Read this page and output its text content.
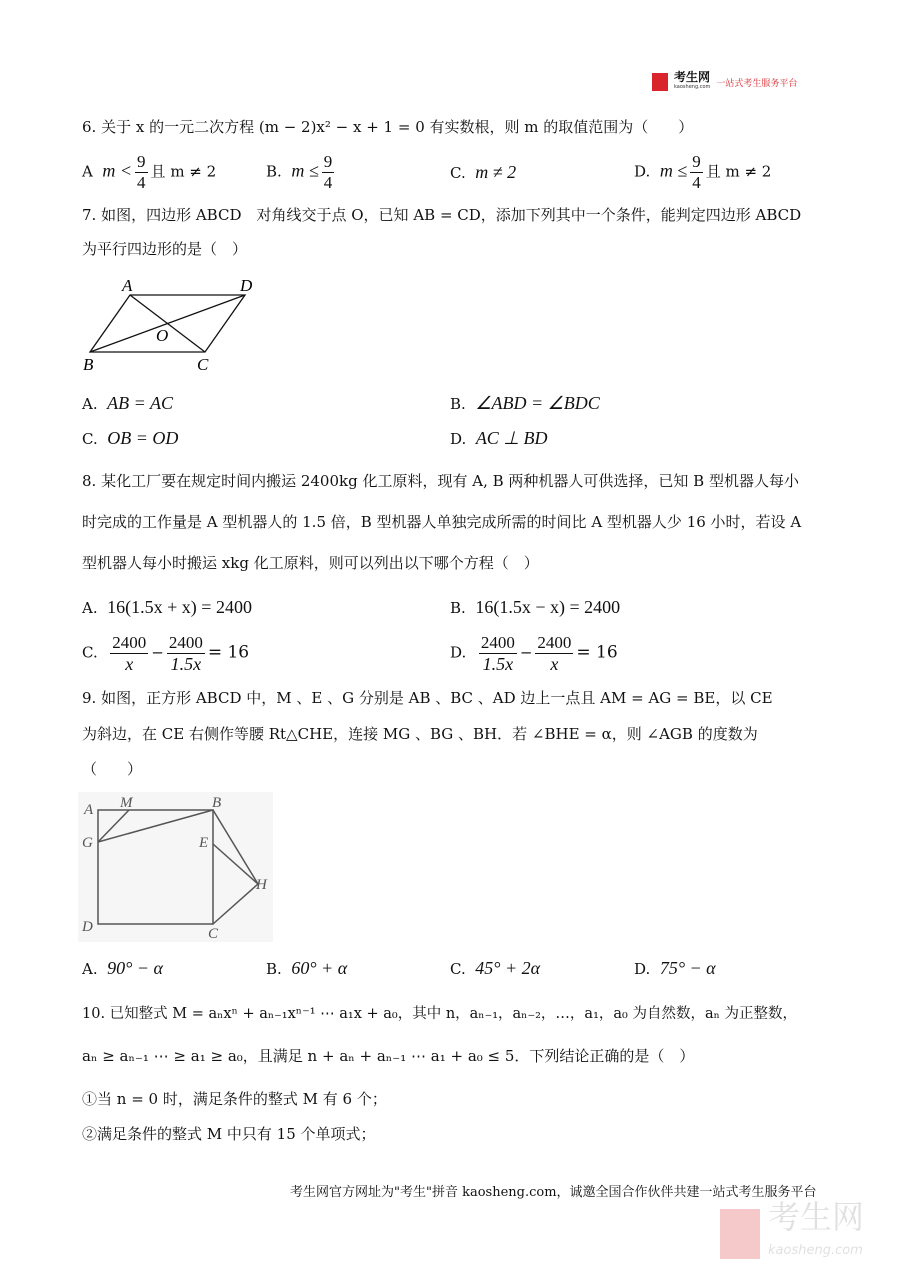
考生网
kaosheng.com 一站式考生服务平台
6. 关于 x 的一元二次方程 (m − 2)x² − x + 1 = 0 有实数根，则 m 的取值范围为（　　）
A $m < \frac{9}{4}$ 且 m ≠ 2	B. $m \le \frac{9}{4}$	C. m ≠ 2	D. $m \le \frac{9}{4}$ 且 m ≠ 2
7. 如图，四边形 ABCD　对角线交于点 O，已知 AB = CD，添加下列其中一个条件，能判定四边形 ABCD
为平行四边形的是（　）
A	D
B	C
O
A. AB = AC	B. ∠ABD = ∠BDC
C. OB = OD	D. AC ⊥ BD
8. 某化工厂要在规定时间内搬运 2400kg 化工原料，现有 A, B 两种机器人可供选择，已知 B 型机器人每小
时完成的工作量是 A 型机器人的 1.5 倍，B 型机器人单独完成所需的时间比 A 型机器人少 16 小时，若设 A
型机器人每小时搬运 xkg 化工原料，则可以列出以下哪个方程（　）
A. 16(1.5x + x) = 2400	B. 16(1.5x − x) = 2400
C. $\frac{2400}{x} - \frac{2400}{1.5x} = 16$	D. $\frac{2400}{1.5x} - \frac{2400}{x} = 16$
9. 如图，正方形 ABCD 中，M 、E 、G 分别是 AB 、BC 、AD 边上一点且 AM = AG = BE，以 CE
为斜边，在 CE 右侧作等腰 Rt△CHE，连接 MG 、BG 、BH．若 ∠BHE = α，则 ∠AGB 的度数为
（　　）
A M	B
G	E
H
D	C
A. 90° − α	B. 60° + α	C. 45° + 2α	D. 75° − α
10. 已知整式 M = aₙxⁿ + aₙ₋₁xⁿ⁻¹ ⋯ a₁x + a₀，其中 n，aₙ₋₁，aₙ₋₂，…，a₁，a₀ 为自然数，aₙ 为正整数，
aₙ ≥ aₙ₋₁ ⋯ ≥ a₁ ≥ a₀，且满足 n + aₙ + aₙ₋₁ ⋯ a₁ + a₀ ≤ 5．下列结论正确的是（　）
①当 n = 0 时，满足条件的整式 M 有 6 个；
②满足条件的整式 M 中只有 15 个单项式；
考生网官方网址为"考生"拼音 kaosheng.com，诚邀全国合作伙伴共建一站式考生服务平台
考生网
kaosheng.com
